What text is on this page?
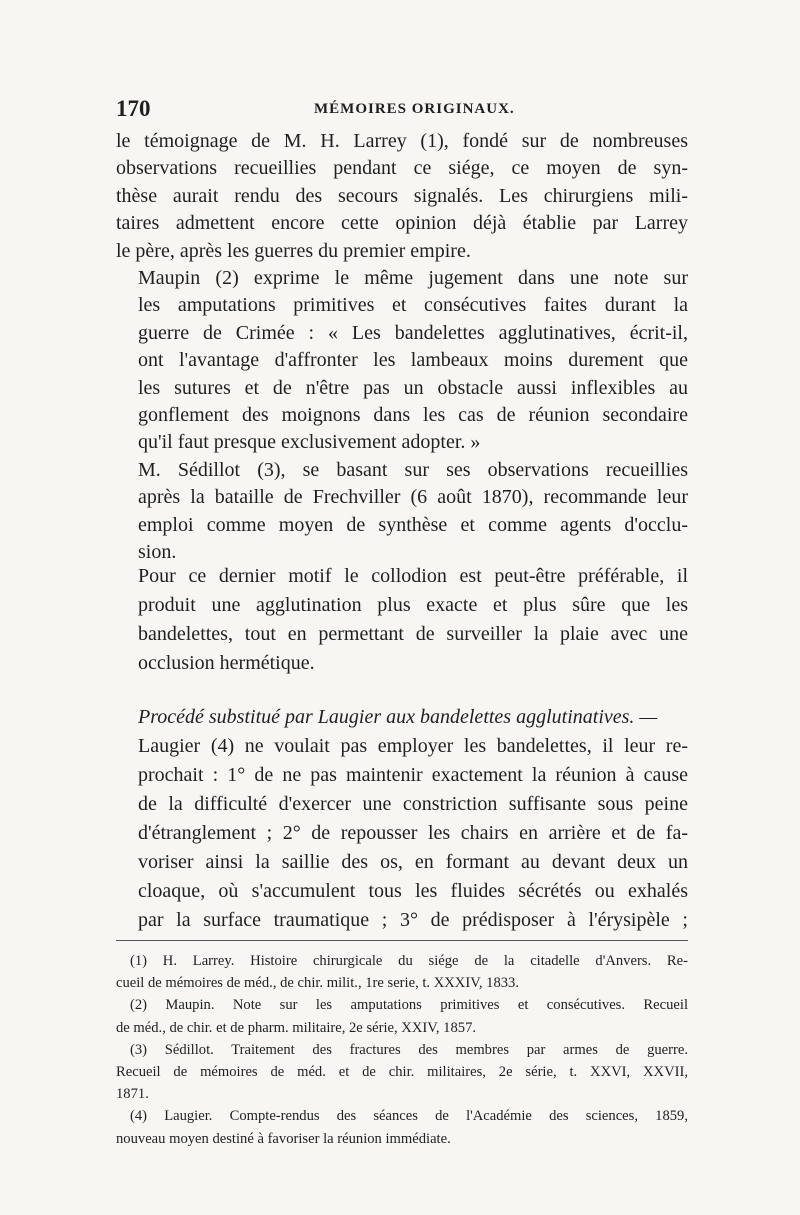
170	MÉMOIRES ORIGINAUX.

le témoignage de M. H. Larrey (1), fondé sur de nombreuses
observations recueillies pendant ce siége, ce moyen de syn-
thèse aurait rendu des secours signalés. Les chirurgiens mili-
taires admettent encore cette opinion déjà établie par Larrey
le père, après les guerres du premier empire.

Maupin (2) exprime le même jugement dans une note sur
les amputations primitives et consécutives faites durant la
guerre de Crimée : « Les bandelettes agglutinatives, écrit-il,
ont l'avantage d'affronter les lambeaux moins durement que
les sutures et de n'être pas un obstacle aussi inflexibles au
gonflement des moignons dans les cas de réunion secondaire
qu'il faut presque exclusivement adopter. »

M. Sédillot (3), se basant sur ses observations recueillies
après la bataille de Frechviller (6 août 1870), recommande leur
emploi comme moyen de synthèse et comme agents d'occlu-
sion.

Pour ce dernier motif le collodion est peut-être préférable, il
produit une agglutination plus exacte et plus sûre que les
bandelettes, tout en permettant de surveiller la plaie avec une
occlusion hermétique.

Procédé substitué par Laugier aux bandelettes agglutinatives. —
Laugier (4) ne voulait pas employer les bandelettes, il leur re-
prochait : 1° de ne pas maintenir exactement la réunion à cause
de la difficulté d'exercer une constriction suffisante sous peine
d'étranglement ; 2° de repousser les chairs en arrière et de fa-
voriser ainsi la saillie des os, en formant au devant deux un
cloaque, où s'accumulent tous les fluides sécrétés ou exhalés
par la surface traumatique ; 3° de prédisposer à l'érysipèle ;

(1) H. Larrey. Histoire chirurgicale du siége de la citadelle d'Anvers. Re-
cueil de mémoires de méd., de chir. milit., 1re serie, t. XXXIV, 1833.

(2) Maupin. Note sur les amputations primitives et consécutives. Recueil
de méd., de chir. et de pharm. militaire, 2e série, XXIV, 1857.

(3) Sédillot. Traitement des fractures des membres par armes de guerre.
Recueil de mémoires de méd. et de chir. militaires, 2e série, t. XXVI, XXVII,
1871.

(4) Laugier. Compte-rendus des séances de l'Académie des sciences, 1859,
nouveau moyen destiné à favoriser la réunion immédiate.
